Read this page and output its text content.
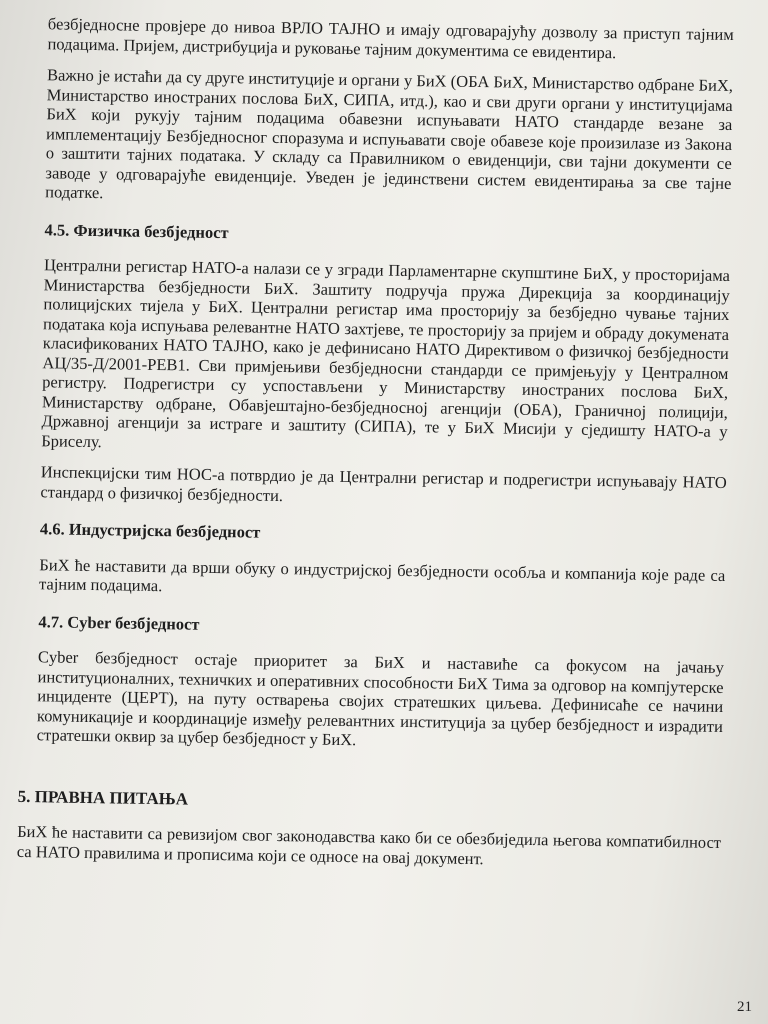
безбједносне провјере до нивоа ВРЛО ТАЈНО и имају одговарајућу дозволу за приступ тајним подацима. Пријем, дистрибуција и руковање тајним документима се евидентира.

Важно је истаћи да су друге институције и органи у БиХ (ОБА БиХ, Министарство одбране БиХ, Министарство иностраних послова БиХ, СИПА, итд.), као и сви други органи у институцијама БиХ који рукују тајним подацима обавезни испуњавати НАТО стандарде везане за имплементацију Безбједносног споразума и испуњавати своје обавезе које произилазе из Закона о заштити тајних података. У складу са Правилником о евиденцији, сви тајни документи се заводе у одговарајуће евиденције. Уведен је јединствени систем евидентирања за све тајне податке.

4.5. Физичка безбједност

Централни регистар НАТО-а налази се у згради Парламентарне скупштине БиХ, у просторијама Министарства безбједности БиХ. Заштиту подручја пружа Дирекција за координацију полицијских тијела у БиХ. Централни регистар има просторију за безбједно чување тајних података која испуњава релевантне НАТО захтјеве, те просторију за пријем и обраду докумената класификованих НАТО ТАЈНО, како је дефинисано НАТО Директивом о физичкој безбједности АЦ/35-Д/2001-РЕВ1. Сви примјењиви безбједносни стандарди се примјењују у Централном регистру. Подрегистри су успостављени у Министарству иностраних послова БиХ, Министарству одбране, Обавјештајно-безбједносној агенцији (ОБА), Граничној полицији, Државној агенцији за истраге и заштиту (СИПА), те у БиХ Мисији у сједишту НАТО-а у Бриселу.

Инспекцијски тим НОС-а потврдио је да Централни регистар и подрегистри испуњавају НАТО стандард о физичкој безбједности.

4.6. Индустријска безбједност

БиХ ће наставити да врши обуку о индустријској безбједности особља и компанија које раде са тајним подацима.

4.7. Cyber безбједност

Cyber безбједност остаје приоритет за БиХ и наставиће са фокусом на јачању институционалних, техничких и оперативних способности БиХ Тима за одговор на компјутерске инциденте (ЦЕРТ), на путу остварења својих стратешких циљева. Дефинисаће се начини комуникације и координације између релевантних институција за цубер безбједност и израдити стратешки оквир за цубер безбједност у БиХ.

5. ПРАВНА ПИТАЊА

БиХ ће наставити са ревизијом свог законодавства како би се обезбиједила његова компатибилност са НАТО правилима и прописима који се односе на овај документ.

21
